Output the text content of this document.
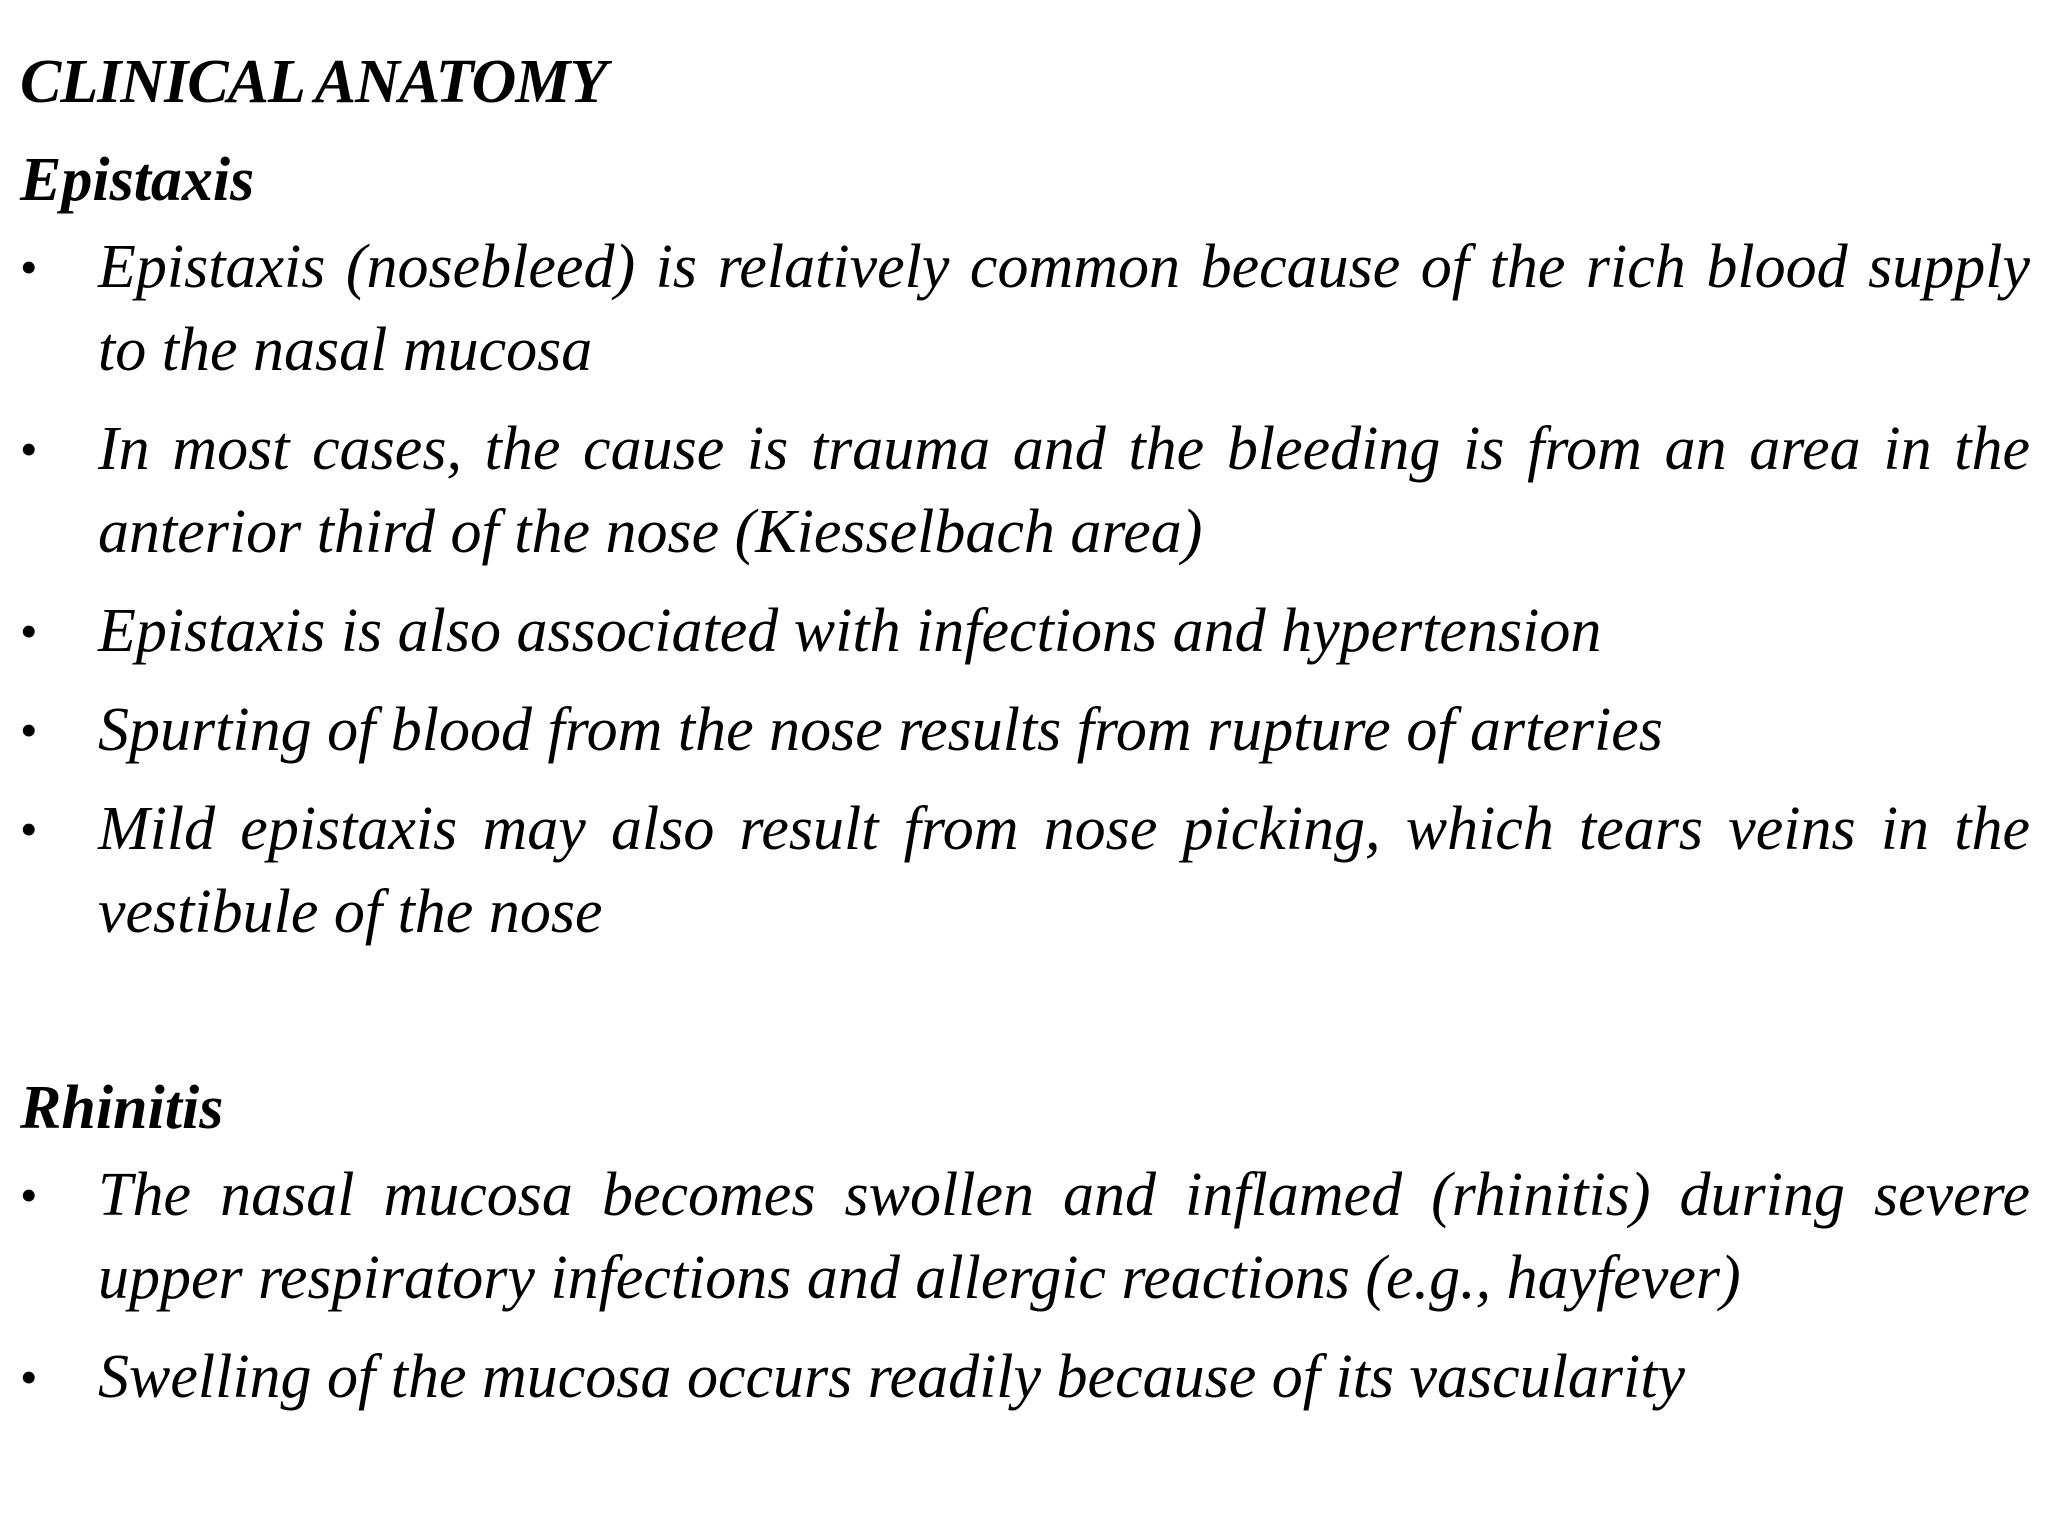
CLINICAL ANATOMY
Epistaxis
• Epistaxis (nosebleed) is relatively common because of the rich blood supply to the nasal mucosa
• In most cases, the cause is trauma and the bleeding is from an area in the anterior third of the nose (Kiesselbach area)
• Epistaxis is also associated with infections and hypertension
• Spurting of blood from the nose results from rupture of arteries
• Mild epistaxis may also result from nose picking, which tears veins in the vestibule of the nose
Rhinitis
• The nasal mucosa becomes swollen and inflamed (rhinitis) during severe upper respiratory infections and allergic reactions (e.g., hayfever)
• Swelling of the mucosa occurs readily because of its vascularity
